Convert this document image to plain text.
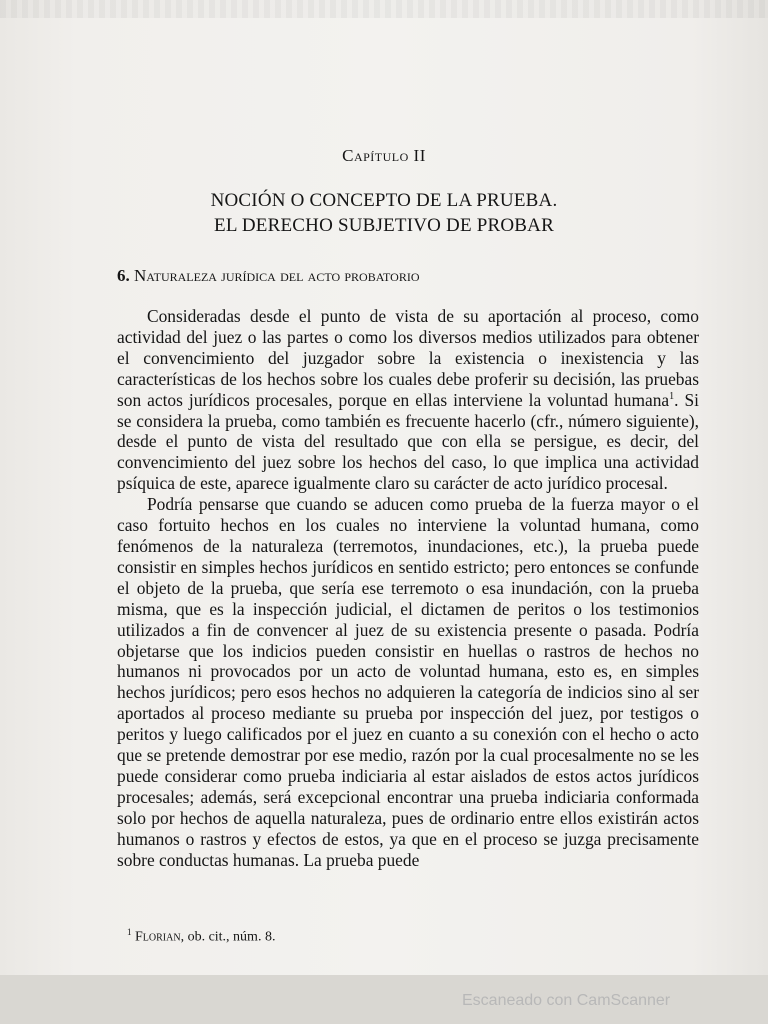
Capítulo II
NOCIÓN O CONCEPTO DE LA PRUEBA.
EL DERECHO SUBJETIVO DE PROBAR
6. Naturaleza jurídica del acto probatorio

Consideradas desde el punto de vista de su aportación al proceso, como actividad del juez o las partes o como los diversos medios utilizados para obtener el convencimiento del juzgador sobre la existencia o inexistencia y las características de los hechos sobre los cuales debe proferir su decisión, las pruebas son actos jurídicos procesales, porque en ellas interviene la voluntad humana$^1$. Si se considera la prueba, como también es frecuente hacerlo (cfr., número siguiente), desde el punto de vista del resultado que con ella se persigue, es decir, del convencimiento del juez sobre los hechos del caso, lo que implica una actividad psíquica de este, aparece igualmente claro su carácter de acto jurídico procesal.

Podría pensarse que cuando se aducen como prueba de la fuerza mayor o el caso fortuito hechos en los cuales no interviene la voluntad humana, como fenómenos de la naturaleza (terremotos, inundaciones, etc.), la prueba puede consistir en simples hechos jurídicos en sentido estricto; pero entonces se confunde el objeto de la prueba, que sería ese terremoto o esa inundación, con la prueba misma, que es la inspección judicial, el dictamen de peritos o los testimonios utilizados a fin de convencer al juez de su existencia presente o pasada. Podría objetarse que los indicios pueden consistir en huellas o rastros de hechos no humanos ni provocados por un acto de voluntad humana, esto es, en simples hechos jurídicos; pero esos hechos no adquieren la categoría de indicios sino al ser aportados al proceso mediante su prueba por inspección del juez, por testigos o peritos y luego calificados por el juez en cuanto a su conexión con el hecho o acto que se pretende demostrar por ese medio, razón por la cual procesalmente no se les puede considerar como prueba indiciaria al estar aislados de estos actos jurídicos procesales; además, será excepcional encontrar una prueba indiciaria conformada solo por hechos de aquella naturaleza, pues de ordinario entre ellos existirán actos humanos o rastros y efectos de estos, ya que en el proceso se juzga precisamente sobre conductas humanas. La prueba puede

$^1$ Florian, ob. cit., núm. 8.
Escaneado con CamScanner
